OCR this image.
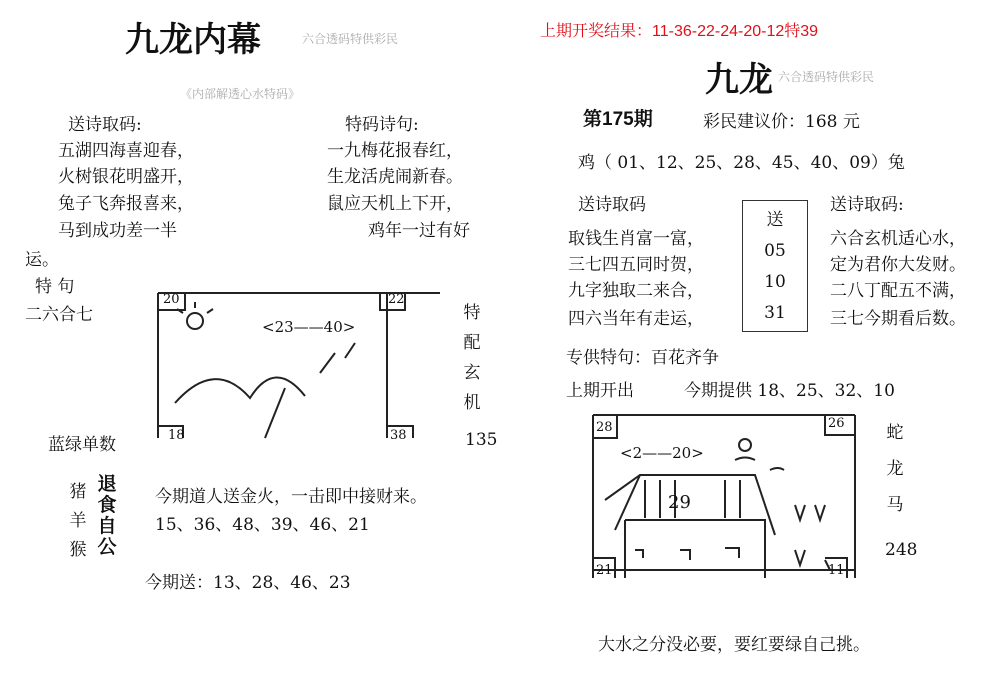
九龙内幕	六合透码特供彩民
《内部解透心水特码》
送诗取码:
五湖四海喜迎春，
火树银花明盛开，
兔子飞奔报喜来，
马到成功差一半
运。
特码诗句:
一九梅花报春红，
生龙活虎闹新春。
鼠应天机上下开，
鸡年一过有好
特 句
二六合七
20	22
18	38
<23——40>
特
配
玄
机
蓝绿单数	135
猪
羊
猴
退
食
自
公
今期道人送金火，一击即中接财来。
15、36、48、39、46、21
今期送：13、28、46、23
上期开奖结果：11-36-22-24-20-12特39
九龙 六合透码特供彩民
第175期	彩民建议价：168 元
鸡（ 01、12、25、28、45、40、09）兔
送诗取码
取钱生肖富一富，
三七四五同时贺，
九字独取二来合，
四六当年有走运，
送
05
10
31
送诗取码:
六合玄机适心水，
定为君你大发财。
二八丁配五不满，
三七今期看后数。
专供特句：百花齐争
上期开出	今期提供 18、25、32、10
28	26
21	11
<2——20>
29
蛇
龙
马
248
大水之分没必要，要红要绿自己挑。
